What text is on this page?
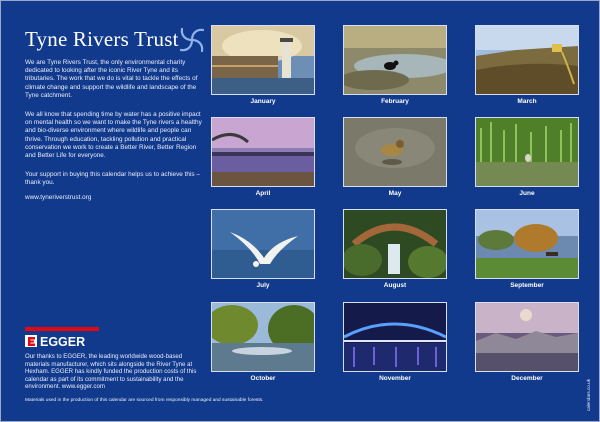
Tyne Rivers Trust

We are Tyne Rivers Trust, the only environmental charity dedicated to looking after the iconic River Tyne and its tributaries. The work that we do is vital to tackle the effects of climate change and support the wildlife and landscape of the Tyne catchment.

We all know that spending time by water has a positive impact on mental health so we want to make the Tyne rivers a healthy and bio-diverse environment where wildlife and people can thrive. Through education, tackling pollution and practical conservation we work to create a Better River, Better Region and Better Life for everyone.

Your support in buying this calendar helps us to achieve this – thank you.

www.tyneriverstrust.org
EGGER

Our thanks to EGGER, the leading worldwide wood-based materials manufacturer, which sits alongside the River Tyne at Hexham. EGGER has kindly funded the production costs of this calendar as part of its commitment to sustainability and the environment. www.egger.com

Materials used in the production of this calendar are sourced from responsibly managed and sustainable forests.	calendars.co.uk
January	February	March
April	May	June
July	August	September
October	November	December
